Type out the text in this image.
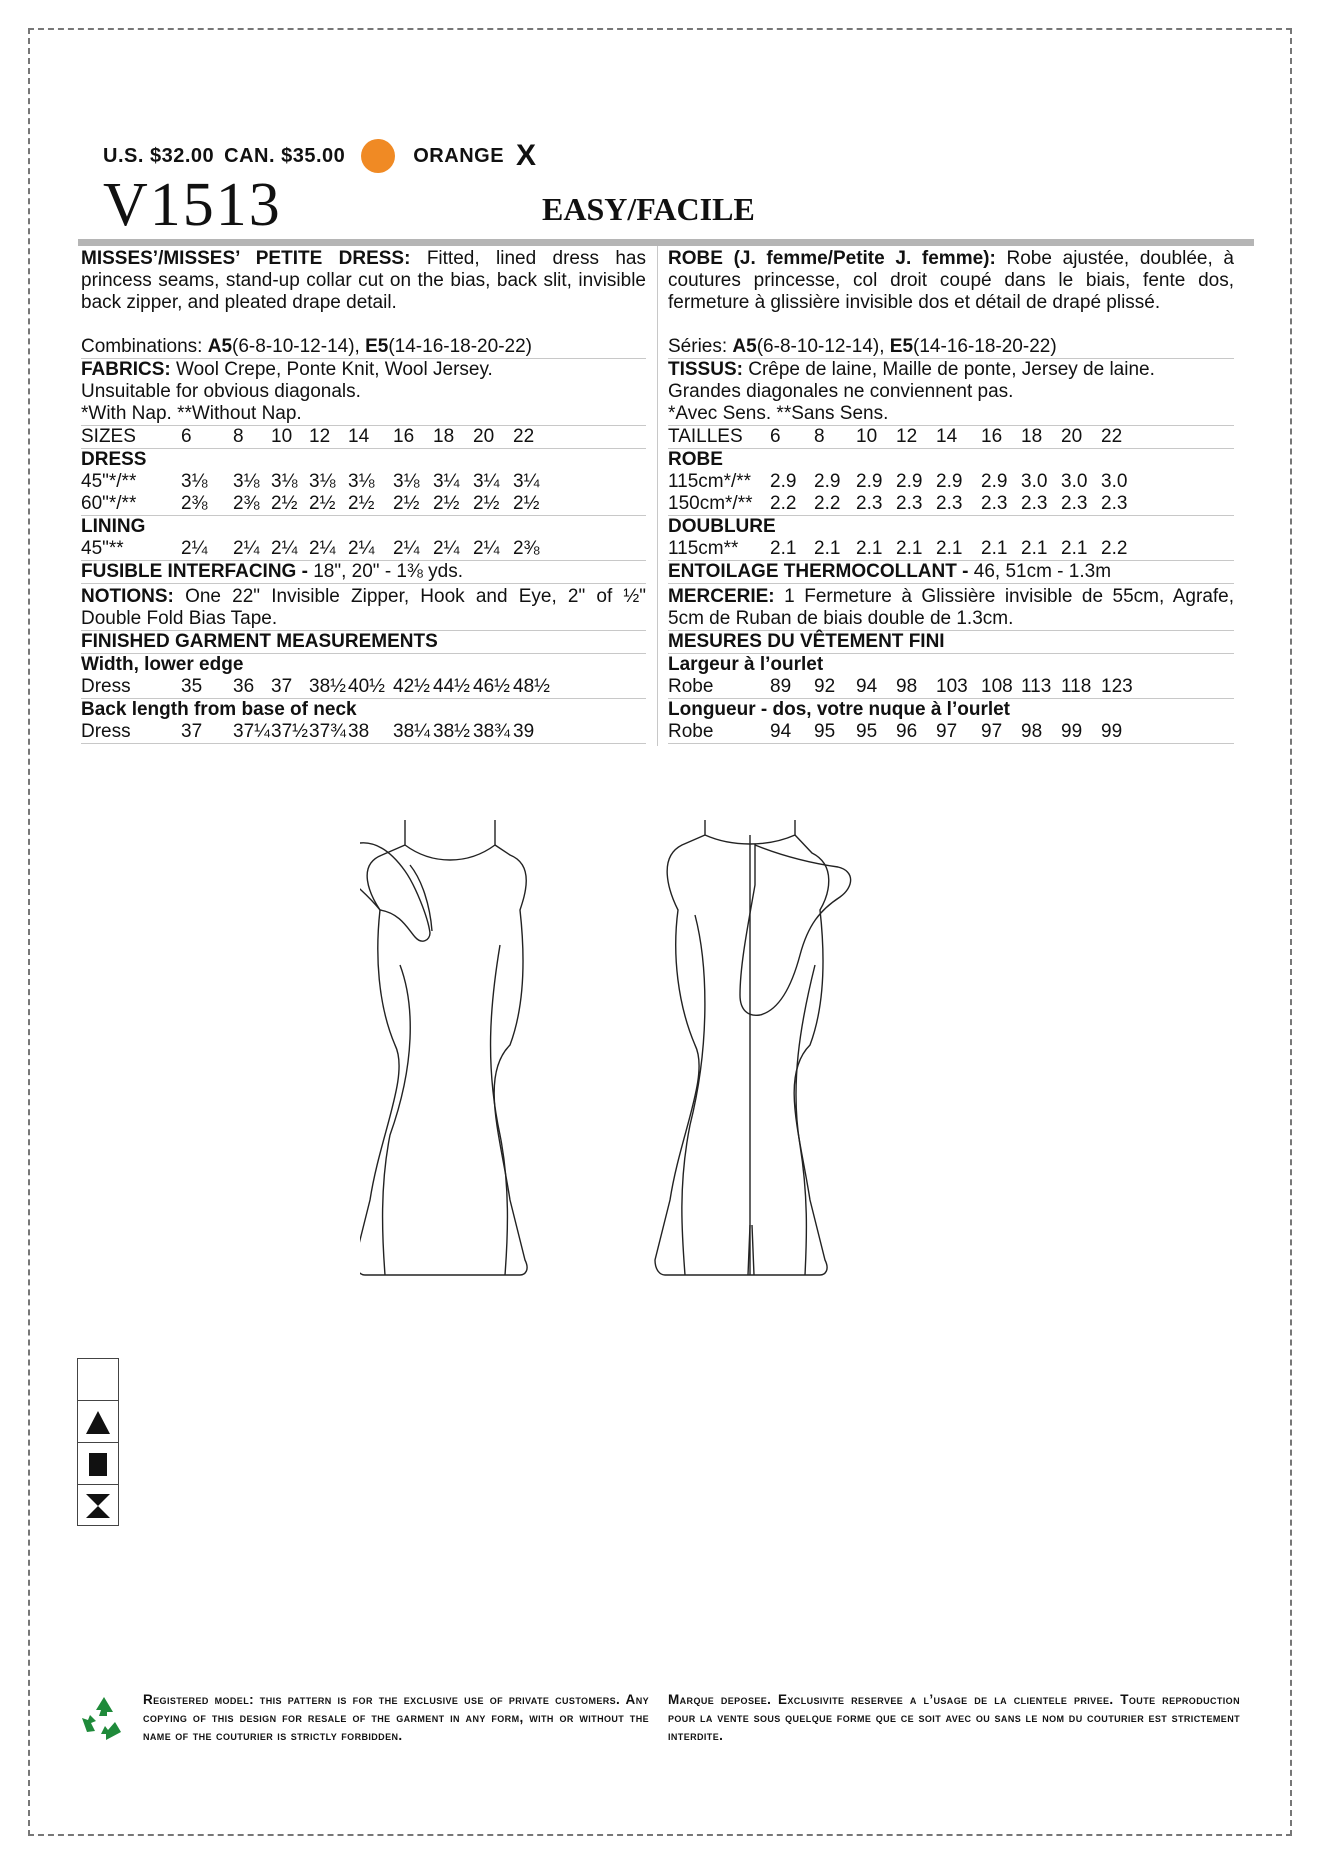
U.S. $32.00 CAN. $35.00	ORANGE X
V1513	EASY/FACILE
MISSES’/MISSES’ PETITE DRESS: Fitted, lined dress has princess seams, stand-up collar cut on the bias, back slit, invisible back zipper, and pleated drape detail.
Combinations: A5(6-8-10-12-14), E5(14-16-18-20-22)
FABRICS: Wool Crepe, Ponte Knit, Wool Jersey.
Unsuitable for obvious diagonals.
*With Nap. **Without Nap.
SIZES 6 8 10 12 14 16 18 20 22
DRESS
45"*/** 3⅛ 3⅛ 3⅛ 3⅛ 3⅛ 3⅛ 3¼ 3¼ 3¼
60"*/** 2⅜ 2⅜ 2½ 2½ 2½ 2½ 2½ 2½ 2½
LINING
45"**	2¼ 2¼ 2¼ 2¼ 2¼ 2¼ 2¼ 2¼ 2⅜
FUSIBLE INTERFACING - 18", 20" - 1⅜ yds.
NOTIONS: One 22" Invisible Zipper, Hook and Eye, 2" of ½" Double Fold Bias Tape.
FINISHED GARMENT MEASUREMENTS
Width, lower edge
Dress	35 36 37 38½ 40½ 42½ 44½ 46½ 48½
Back length from base of neck
Dress	37 37¼ 37½ 37¾ 38 38¼ 38½ 38¾ 39
ROBE (J. femme/Petite J. femme): Robe ajustée, doublée, à coutures princesse, col droit coupé dans le biais, fente dos, fermeture à glissière invisible dos et détail de drapé plissé.
Séries: A5(6-8-10-12-14), E5(14-16-18-20-22)
TISSUS: Crêpe de laine, Maille de ponte, Jersey de laine.
Grandes diagonales ne conviennent pas.
*Avec Sens. **Sans Sens.
TAILLES 6 8 10 12 14 16 18 20 22
ROBE
115cm*/** 2.9 2.9 2.9 2.9 2.9 2.9 3.0 3.0 3.0
150cm*/** 2.2 2.2 2.3 2.3 2.3 2.3 2.3 2.3 2.3
DOUBLURE
115cm** 2.1 2.1 2.1 2.1 2.1 2.1 2.1 2.1 2.2
ENTOILAGE THERMOCOLLANT - 46, 51cm - 1.3m
MERCERIE: 1 Fermeture à Glissière invisible de 55cm, Agrafe, 5cm de Ruban de biais double de 1.3cm.
MESURES DU VÊTEMENT FINI
Largeur à l’ourlet
Robe	89 92 94 98 103 108 113 118 123
Longueur - dos, votre nuque à l’ourlet
Robe	94 95 95 96 97 97 98 99 99
Registered model: this pattern is for the exclusive use of private customers. Any copying of this design for resale of the garment in any form, with or without the name of the couturier is strictly forbidden.
Marque deposee. Exclusivite reservee a l’usage de la clientele privee. Toute reproduction pour la vente sous quelque forme que ce soit avec ou sans le nom du couturier est strictement interdite.
